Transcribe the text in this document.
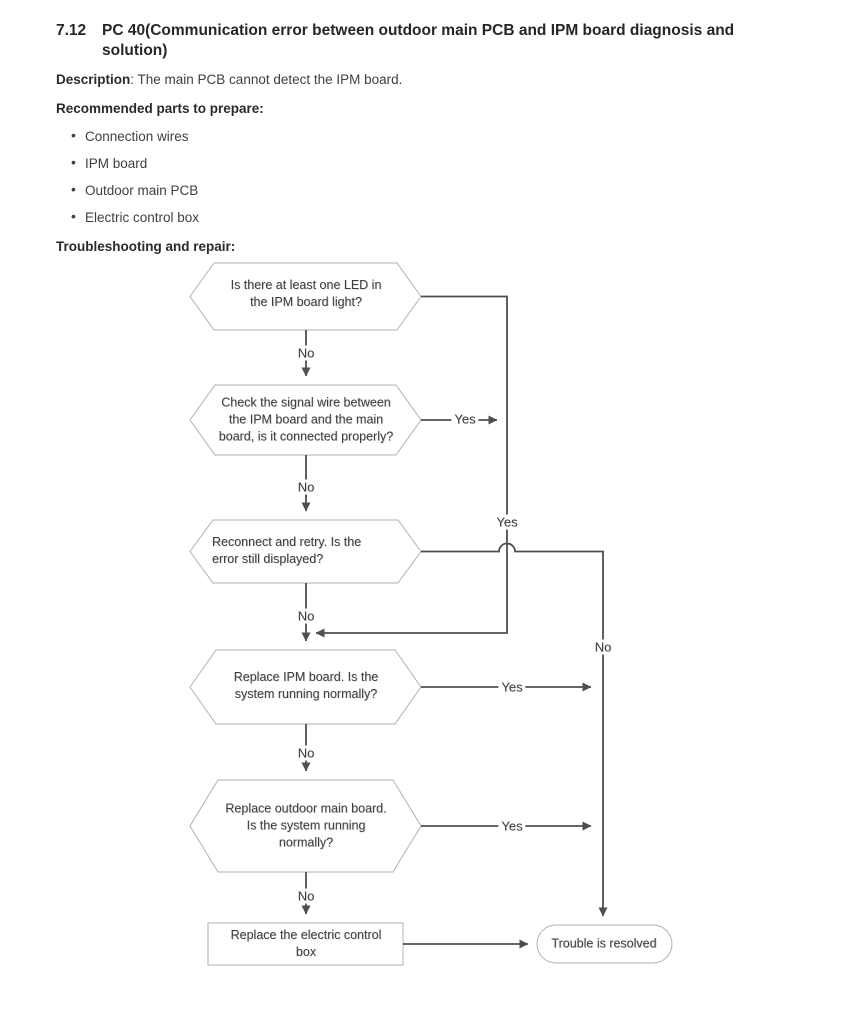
7.12 PC 40(Communication error between outdoor main PCB and IPM board diagnosis and
solution)

Description: The main PCB cannot detect the IPM board.

Recommended parts to prepare:
• Connection wires
• IPM board
• Outdoor main PCB
• Electric control box
Troubleshooting and repair:
Is there at least one LED in
the IPM board light?
Check the signal wire between
the IPM board and the main
board, is it connected properly?
Reconnect and retry. Is the
error still displayed?
Replace IPM board. Is the
system running normally?
Replace outdoor main board.
Is the system running
normally?
Replace the electric control
box
Trouble is resolved
No
Yes
No
Yes
No
No
Yes
No
Yes
No
